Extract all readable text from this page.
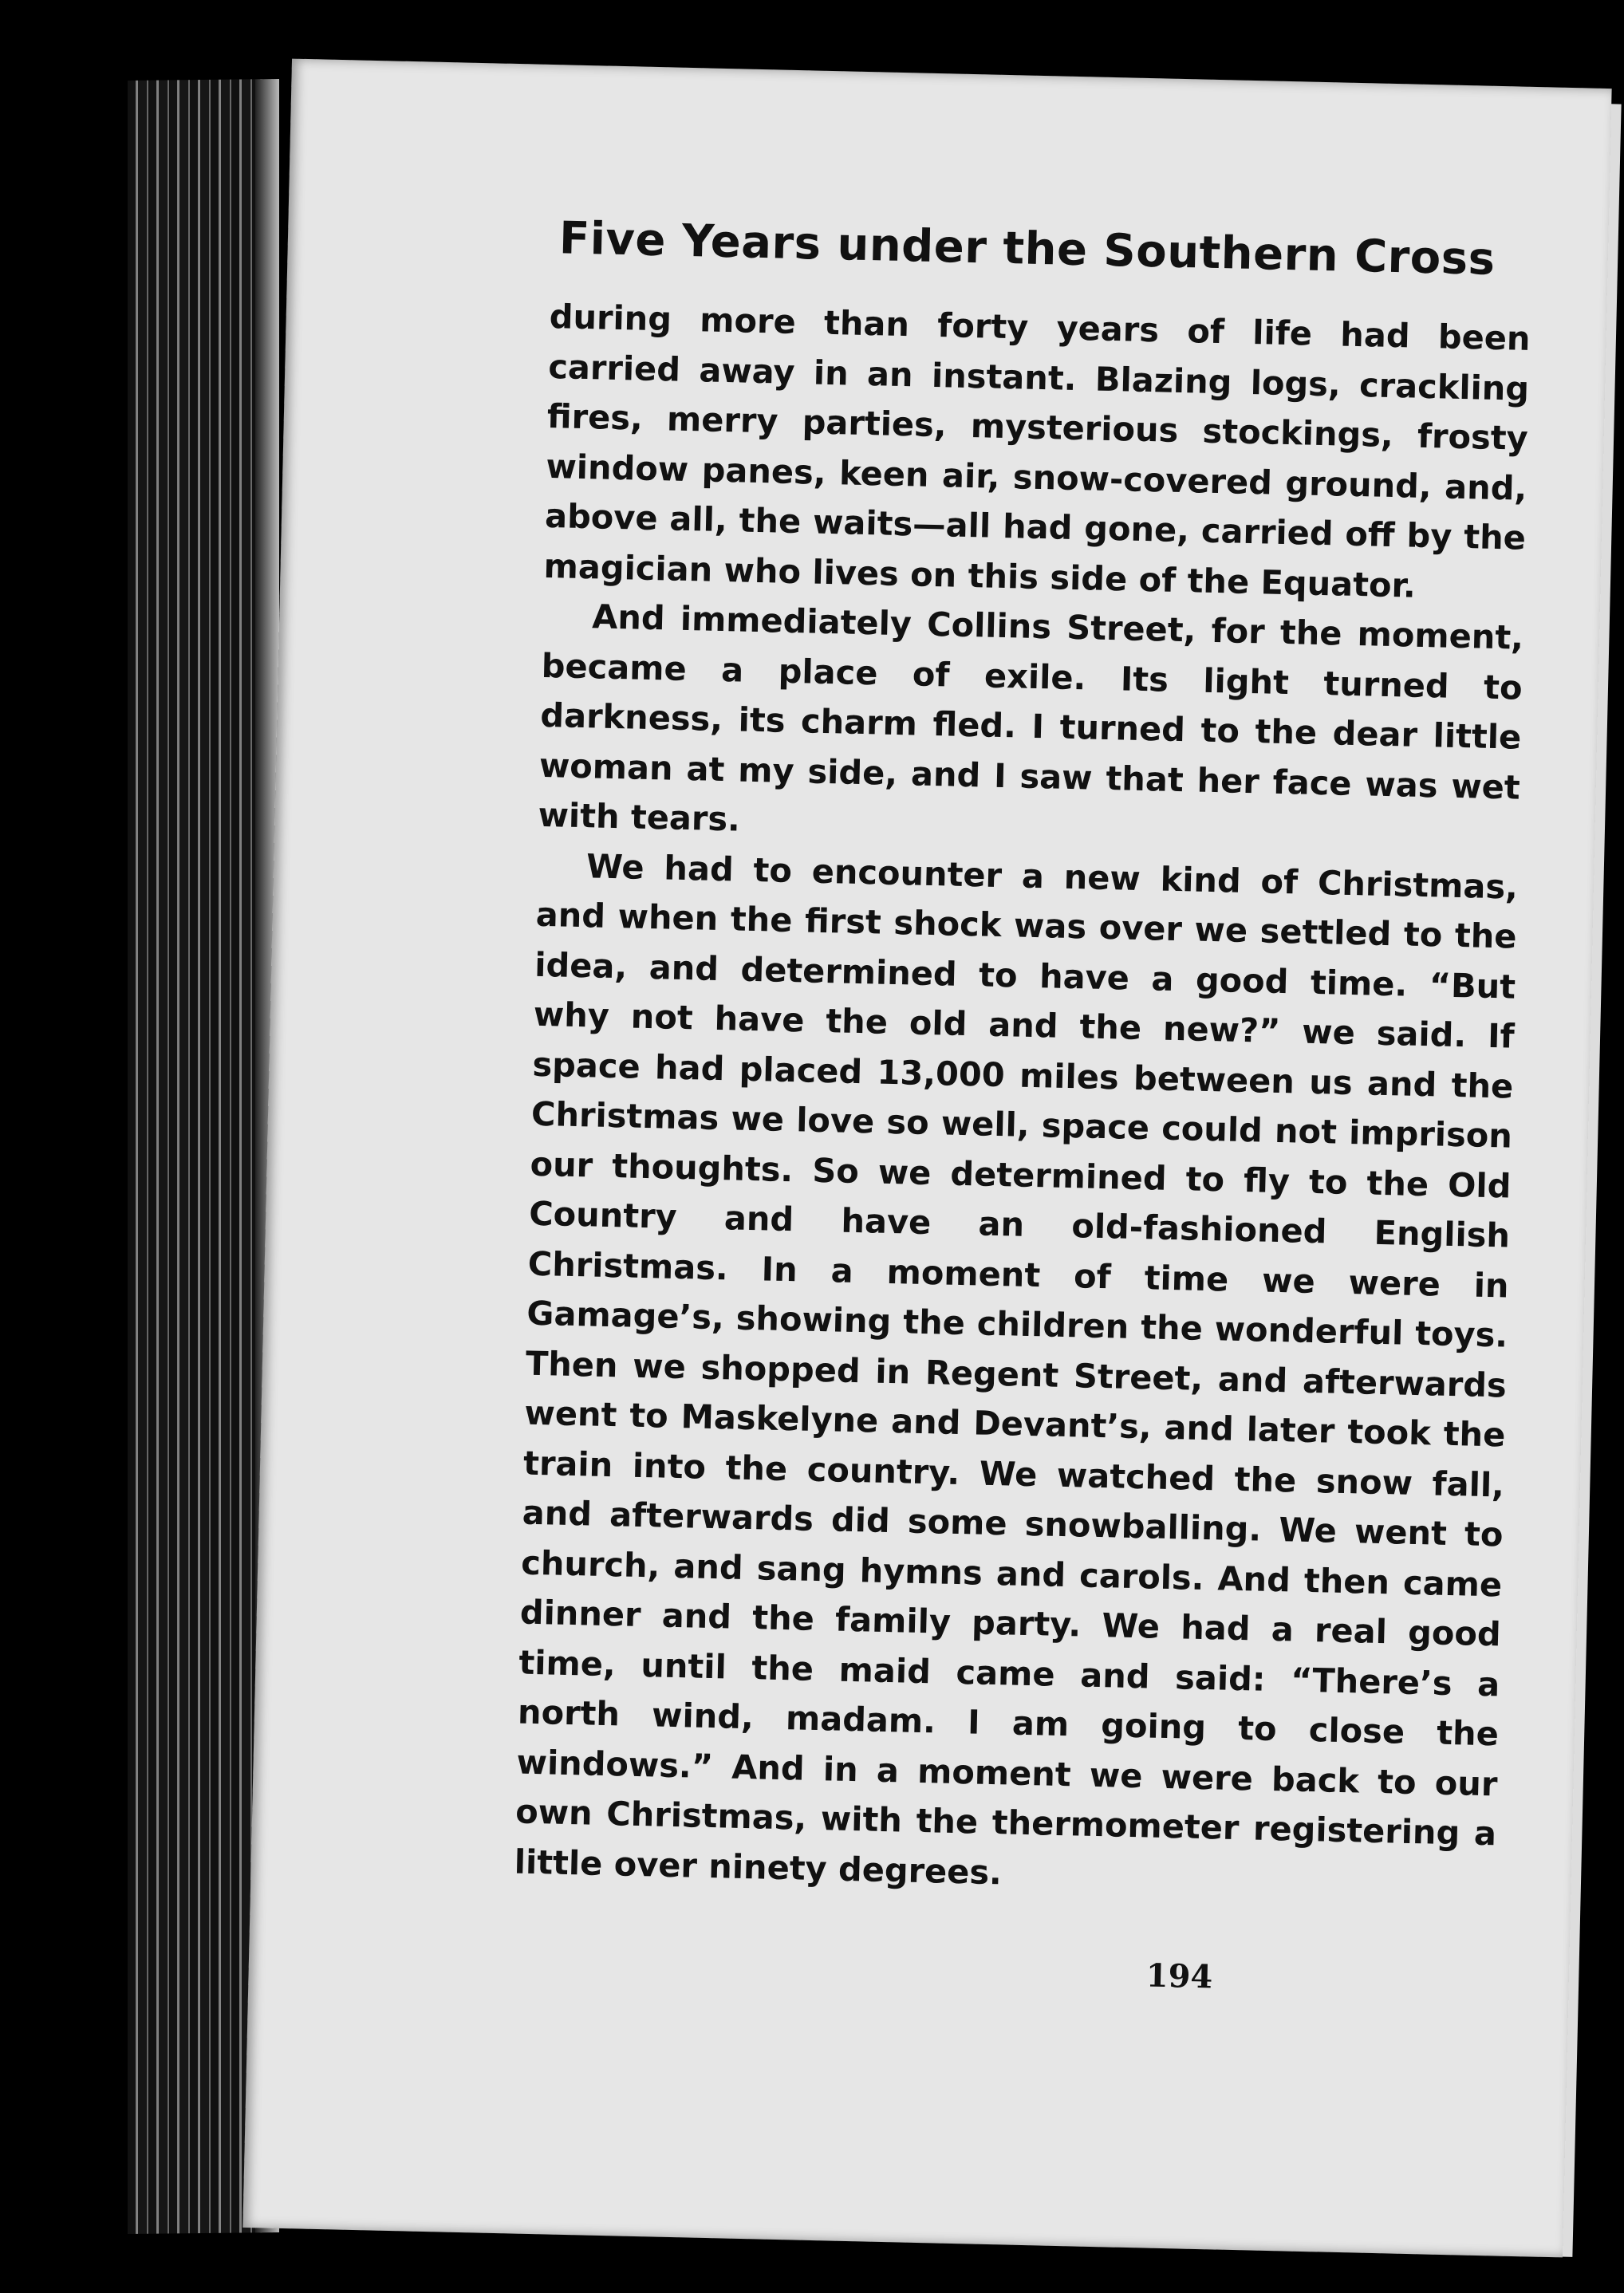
Five Years under the Southern Cross

during more than forty years of life had been carried away in an instant. Blazing logs, crackling fires, merry parties, mysterious stockings, frosty window panes, keen air, snow-covered ground, and, above all, the waits—all had gone, carried off by the magician who lives on this side of the Equator.

And immediately Collins Street, for the moment, became a place of exile. Its light turned to darkness, its charm fled. I turned to the dear little woman at my side, and I saw that her face was wet with tears.

We had to encounter a new kind of Christmas, and when the first shock was over we settled to the idea, and determined to have a good time. “But why not have the old and the new?” we said. If space had placed 13,000 miles between us and the Christmas we love so well, space could not imprison our thoughts. So we determined to fly to the Old Country and have an old-fashioned English Christmas. In a moment of time we were in Gamage’s, showing the children the wonderful toys. Then we shopped in Regent Street, and afterwards went to Maskelyne and Devant’s, and later took the train into the country. We watched the snow fall, and afterwards did some snowballing. We went to church, and sang hymns and carols. And then came dinner and the family party. We had a real good time, until the maid came and said: “There’s a north wind, madam. I am going to close the windows.” And in a moment we were back to our own Christmas, with the thermometer registering a little over ninety degrees.

194
